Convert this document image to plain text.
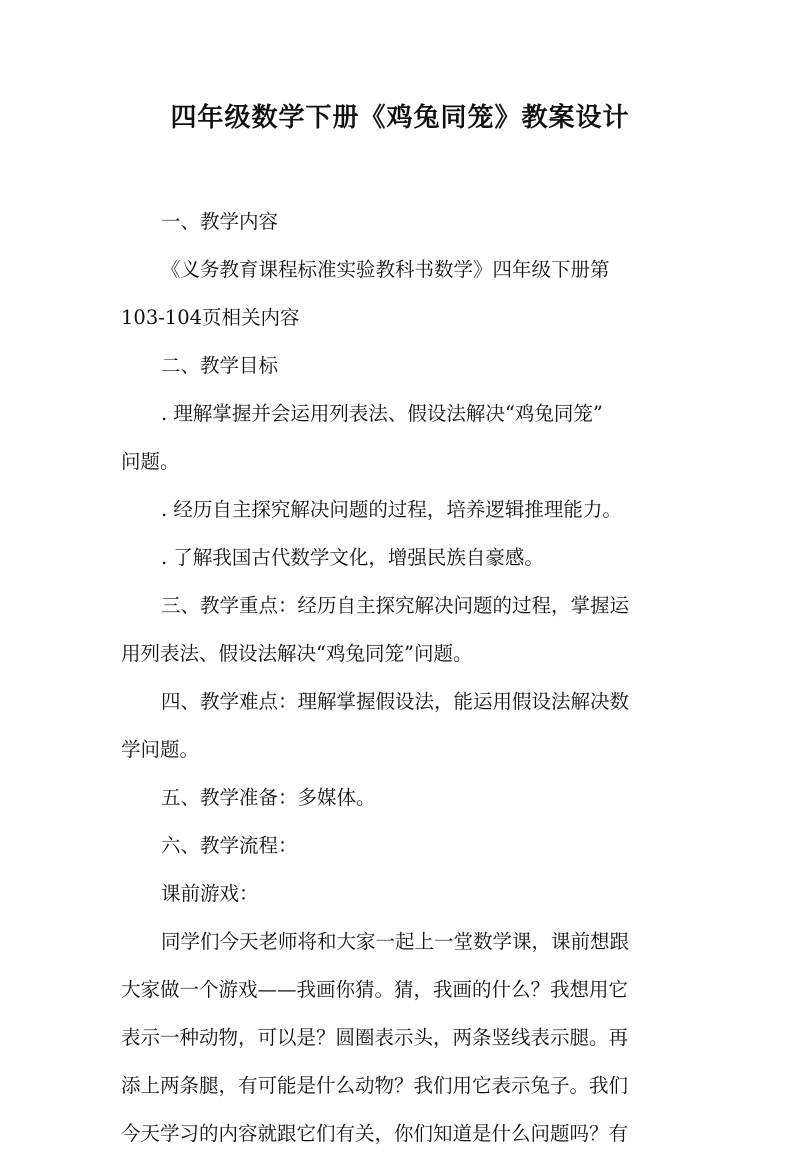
四年级数学下册《鸡兔同笼》教案设计
一、教学内容
《义务教育课程标准实验教科书数学》四年级下册第
103-104页相关内容
二、教学目标
. 理解掌握并会运用列表法、假设法解决“鸡兔同笼”
问题。
. 经历自主探究解决问题的过程，培养逻辑推理能力。
. 了解我国古代数学文化，增强民族自豪感。
三、教学重点：经历自主探究解决问题的过程，掌握运
用列表法、假设法解决“鸡兔同笼”问题。
四、教学难点：理解掌握假设法，能运用假设法解决数
学问题。
五、教学准备：多媒体。
六、教学流程：
课前游戏：
同学们今天老师将和大家一起上一堂数学课，课前想跟
大家做一个游戏——我画你猜。猜，我画的什么？我想用它
表示一种动物，可以是？圆圈表示头，两条竖线表示腿。再
添上两条腿，有可能是什么动物？我们用它表示兔子。我们
今天学习的内容就跟它们有关，你们知道是什么问题吗？有
